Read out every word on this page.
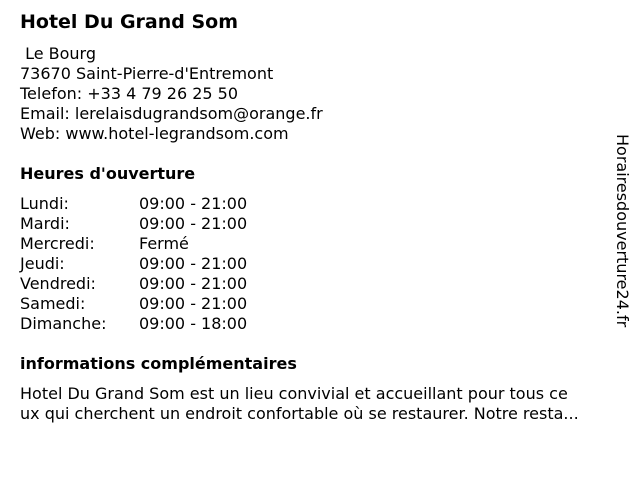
Hotel Du Grand Som
Le Bourg
73670 Saint-Pierre-d'Entremont
Telefon: +33 4 79 26 25 50
Email: lerelaisdugrandsom@orange.fr
Web: www.hotel-legrandsom.com
Heures d'ouverture
Lundi:	09:00 - 21:00
Mardi:	09:00 - 21:00
Mercredi:	Fermé
Jeudi:	09:00 - 21:00
Vendredi:	09:00 - 21:00
Samedi:	09:00 - 21:00
Dimanche: 09:00 - 18:00
informations complémentaires
Hotel Du Grand Som est un lieu convivial et accueillant pour tous ce
ux qui cherchent un endroit confortable où se restaurer. Notre resta...
Horairesdouverture24.fr
